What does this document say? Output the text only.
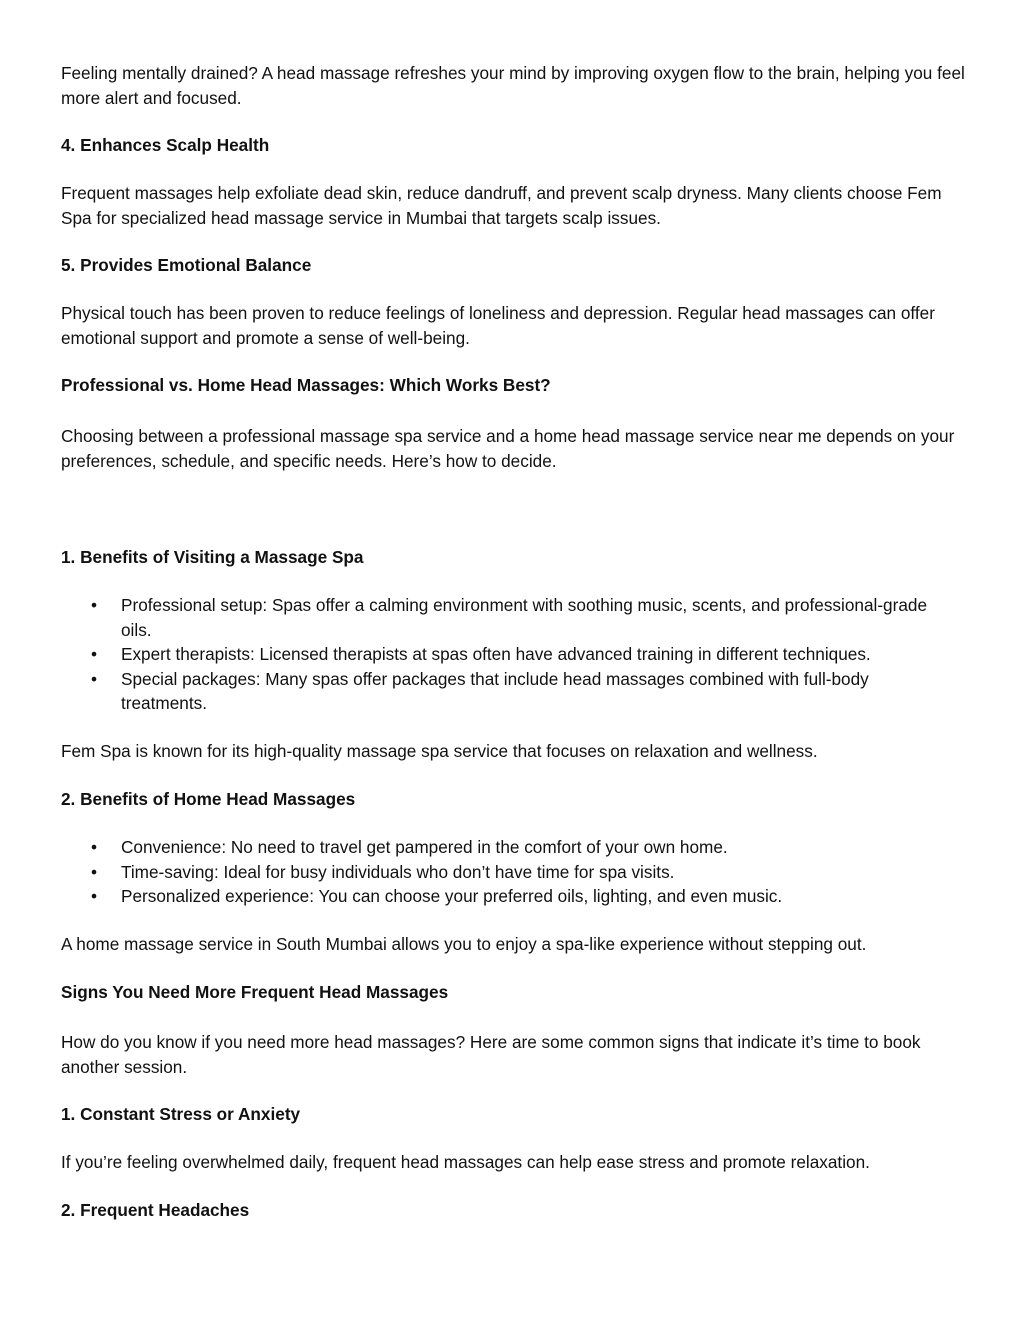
Feeling mentally drained? A head massage refreshes your mind by improving oxygen flow to the brain, helping you feel more alert and focused.

4. Enhances Scalp Health

Frequent massages help exfoliate dead skin, reduce dandruff, and prevent scalp dryness. Many clients choose Fem Spa for specialized head massage service in Mumbai that targets scalp issues.

5. Provides Emotional Balance

Physical touch has been proven to reduce feelings of loneliness and depression. Regular head massages can offer emotional support and promote a sense of well-being.

Professional vs. Home Head Massages: Which Works Best?

Choosing between a professional massage spa service and a home head massage service near me depends on your preferences, schedule, and specific needs. Here’s how to decide.

1. Benefits of Visiting a Massage Spa

• Professional setup: Spas offer a calming environment with soothing music, scents, and professional-grade oils.
• Expert therapists: Licensed therapists at spas often have advanced training in different techniques.
• Special packages: Many spas offer packages that include head massages combined with full-body treatments.

Fem Spa is known for its high-quality massage spa service that focuses on relaxation and wellness.

2. Benefits of Home Head Massages

• Convenience: No need to travel get pampered in the comfort of your own home.
• Time-saving: Ideal for busy individuals who don’t have time for spa visits.
• Personalized experience: You can choose your preferred oils, lighting, and even music.

A home massage service in South Mumbai allows you to enjoy a spa-like experience without stepping out.

Signs You Need More Frequent Head Massages

How do you know if you need more head massages? Here are some common signs that indicate it’s time to book another session.

1. Constant Stress or Anxiety

If you’re feeling overwhelmed daily, frequent head massages can help ease stress and promote relaxation.

2. Frequent Headaches
